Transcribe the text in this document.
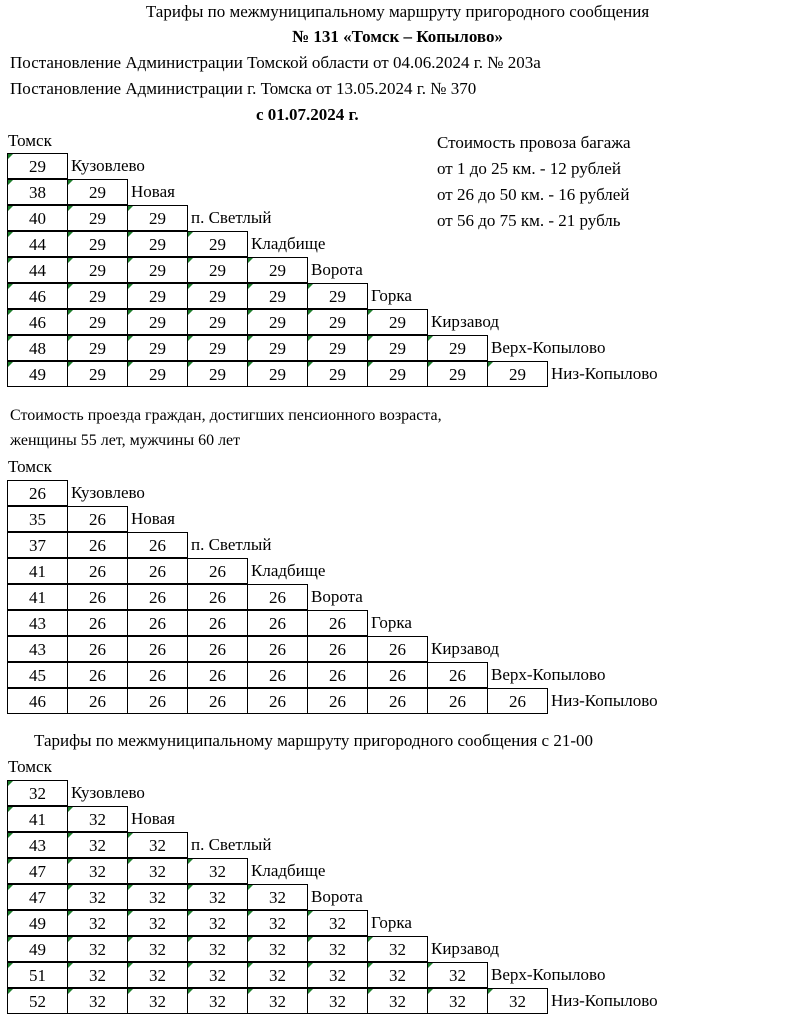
Тарифы по межмуниципальному маршруту пригородного сообщения
№ 131 «Томск – Копылово»
Постановление Администрации Томской области от 04.06.2024 г. № 203а
Постановление Администрации г. Томска от 13.05.2024 г. № 370
с 01.07.2024 г.
Стоимость провоза багажа
от 1 до 25 км. - 12 рублей
от 26 до 50 км. - 16 рублей
от 56 до 75 км. - 21 рубль
Томск
29	Кузовлево
38	29	Новая
40	29	29	п. Светлый
44	29	29	29	Кладбище
44	29	29	29	29	Ворота
46	29	29	29	29	29	Горка
46	29	29	29	29	29	29	Кирзавод
48	29	29	29	29	29	29	29	Верх-Копылово
49	29	29	29	29	29	29	29	29	Низ-Копылово
Стоимость проезда граждан, достигших пенсионного возраста,
женщины 55 лет, мужчины 60 лет
Томск
26	Кузовлево
35	26	Новая
37	26	26	п. Светлый
41	26	26	26	Кладбище
41	26	26	26	26	Ворота
43	26	26	26	26	26	Горка
43	26	26	26	26	26	26	Кирзавод
45	26	26	26	26	26	26	26	Верх-Копылово
46	26	26	26	26	26	26	26	26	Низ-Копылово
Тарифы по межмуниципальному маршруту пригородного сообщения с 21-00
Томск
32	Кузовлево
41	32	Новая
43	32	32	п. Светлый
47	32	32	32	Кладбище
47	32	32	32	32	Ворота
49	32	32	32	32	32	Горка
49	32	32	32	32	32	32	Кирзавод
51	32	32	32	32	32	32	32	Верх-Копылово
52	32	32	32	32	32	32	32	32	Низ-Копылово
